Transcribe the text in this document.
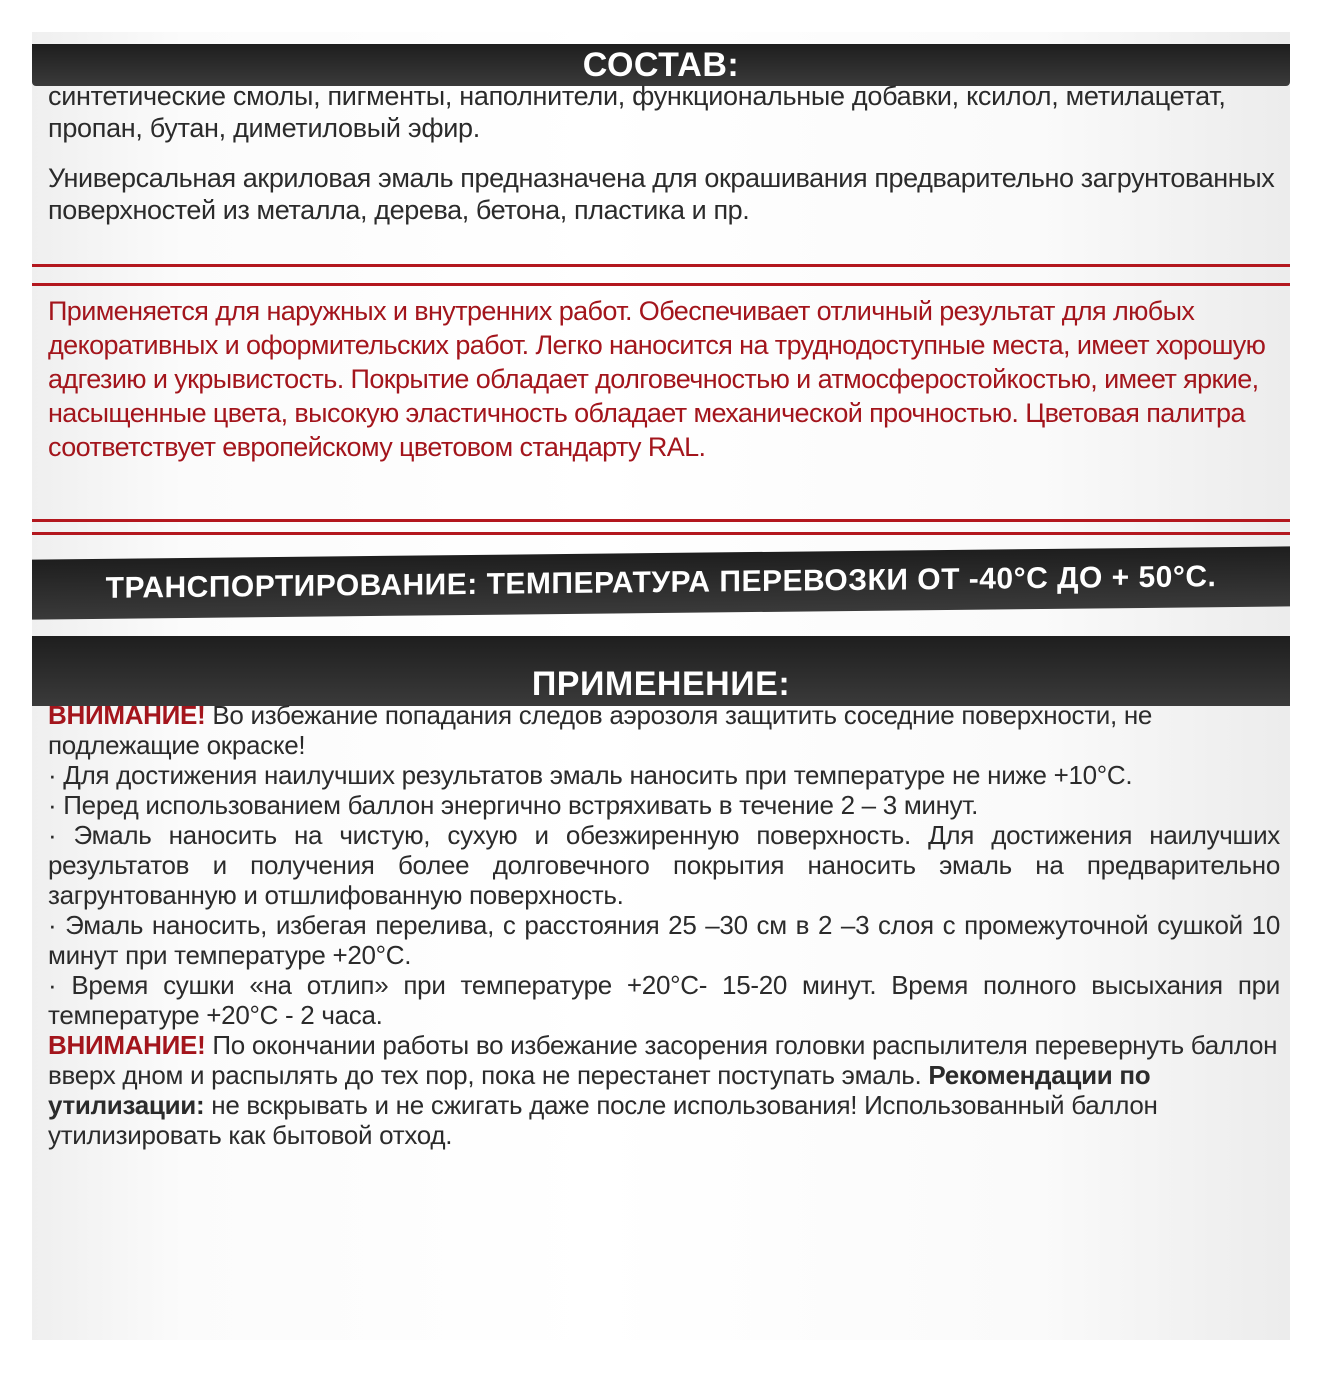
СОСТАВ:

синтетические смолы, пигменты, наполнители, функциональные добавки, ксилол, метилацетат, пропан, бутан, диметиловый эфир.

Универсальная акриловая эмаль предназначена для окрашивания предварительно загрунтованных поверхностей из металла, дерева, бетона, пластика и пр.

Применяется для наружных и внутренних работ. Обеспечивает отличный результат для любых декоративных и оформительских работ. Легко наносится на труднодоступные места, имеет хорошую адгезию и укрывистость. Покрытие обладает долговечностью и атмосферостойкостью, имеет яркие, насыщенные цвета, высокую эластичность обладает механической прочностью. Цветовая палитра соответствует европейскому цветовом стандарту RAL.

ТРАНСПОРТИРОВАНИЕ: ТЕМПЕРАТУРА ПЕРЕВОЗКИ ОТ -40°С ДО + 50°С.
ПРИМЕНЕНИЕ:

ВНИМАНИЕ! Во избежание попадания следов аэрозоля защитить соседние поверхности, не подлежащие окраске!

· Для достижения наилучших результатов эмаль наносить при температуре не ниже +10°С.

· Перед использованием баллон энергично встряхивать в течение 2 – 3 минут.

· Эмаль наносить на чистую, сухую и обезжиренную поверхность. Для достижения наилучших результатов и получения более долговечного покрытия наносить эмаль на предварительно загрунтованную и отшлифованную поверхность.

· Эмаль наносить, избегая перелива, с расстояния 25 –30 см в 2 –3 слоя с промежуточной сушкой 10 минут при температуре +20°С.

· Время сушки «на отлип» при температуре +20°С- 15-20 минут. Время полного высыхания при температуре +20°С - 2 часа.

ВНИМАНИЕ! По окончании работы во избежание засорения головки распылителя перевернуть баллон вверх дном и распылять до тех пор, пока не перестанет поступать эмаль. Рекомендации по утилизации: не вскрывать и не сжигать даже после использования! Использованный баллон утилизировать как бытовой отход.
